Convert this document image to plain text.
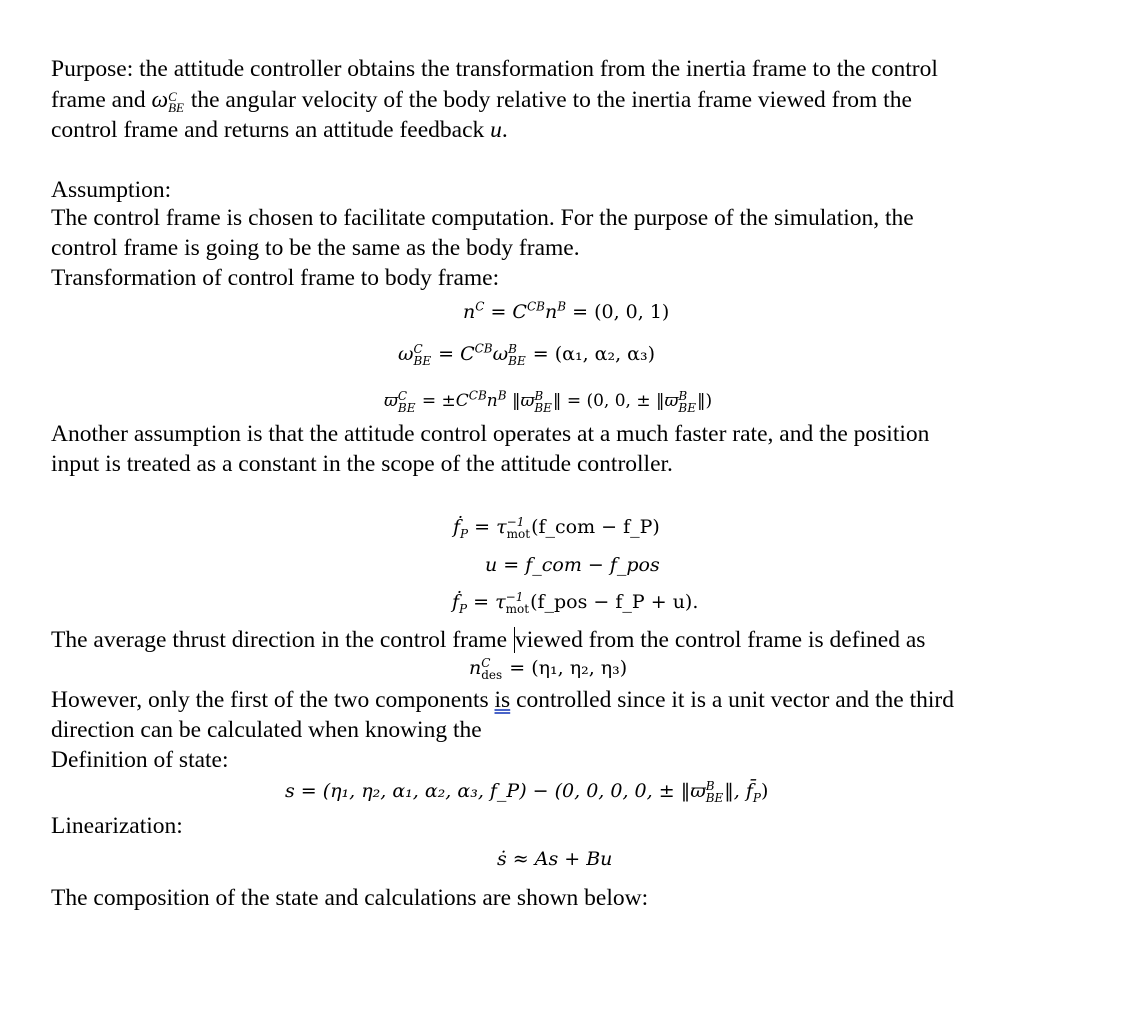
Purpose: the attitude controller obtains the transformation from the inertia frame to the control
frame and ω C
BE the angular velocity of the body relative to the inertia frame viewed from the
control frame and returns an attitude feedback u.
Assumption:
The control frame is chosen to facilitate computation. For the purpose of the simulation, the
control frame is going to be the same as the body frame.
Transformation of control frame to body frame:
$n^C = C^{CB}n^B = (0$, 0, 1)
ω C
BE = $C^{CB}\omega$ B
BE = (α₁, α₂, α₃)
ϖ C
BE = $\pm C^{CB}n^B$ ‖ϖ B
BE ‖ = (0, 0, ± ‖ϖ B
BE ‖)
Another assumption is that the attitude control operates at a much faster rate, and the position
input is treated as a constant in the scope of the attitude controller.
ḟ$_P$ = τ −1
mot (f_com − f_P)
u = f_com − f_pos
ḟ$_P$ = τ −1
mot (f_pos − f_P + u).
The average thrust direction in the control frame viewed from the control frame is defined as
n C
des = (η₁, η₂, η₃)
However, only the first of the two components is controlled since it is a unit vector and the third
direction can be calculated when knowing the
Definition of state:
s = (η₁, η₂, α₁, α₂, α₃, f_P) − (0, 0, 0, 0, ± ‖ϖ B
BE ‖, $f̄_P$)
Linearization:
ṡ ≈ As + Bu
The composition of the state and calculations are shown below:
